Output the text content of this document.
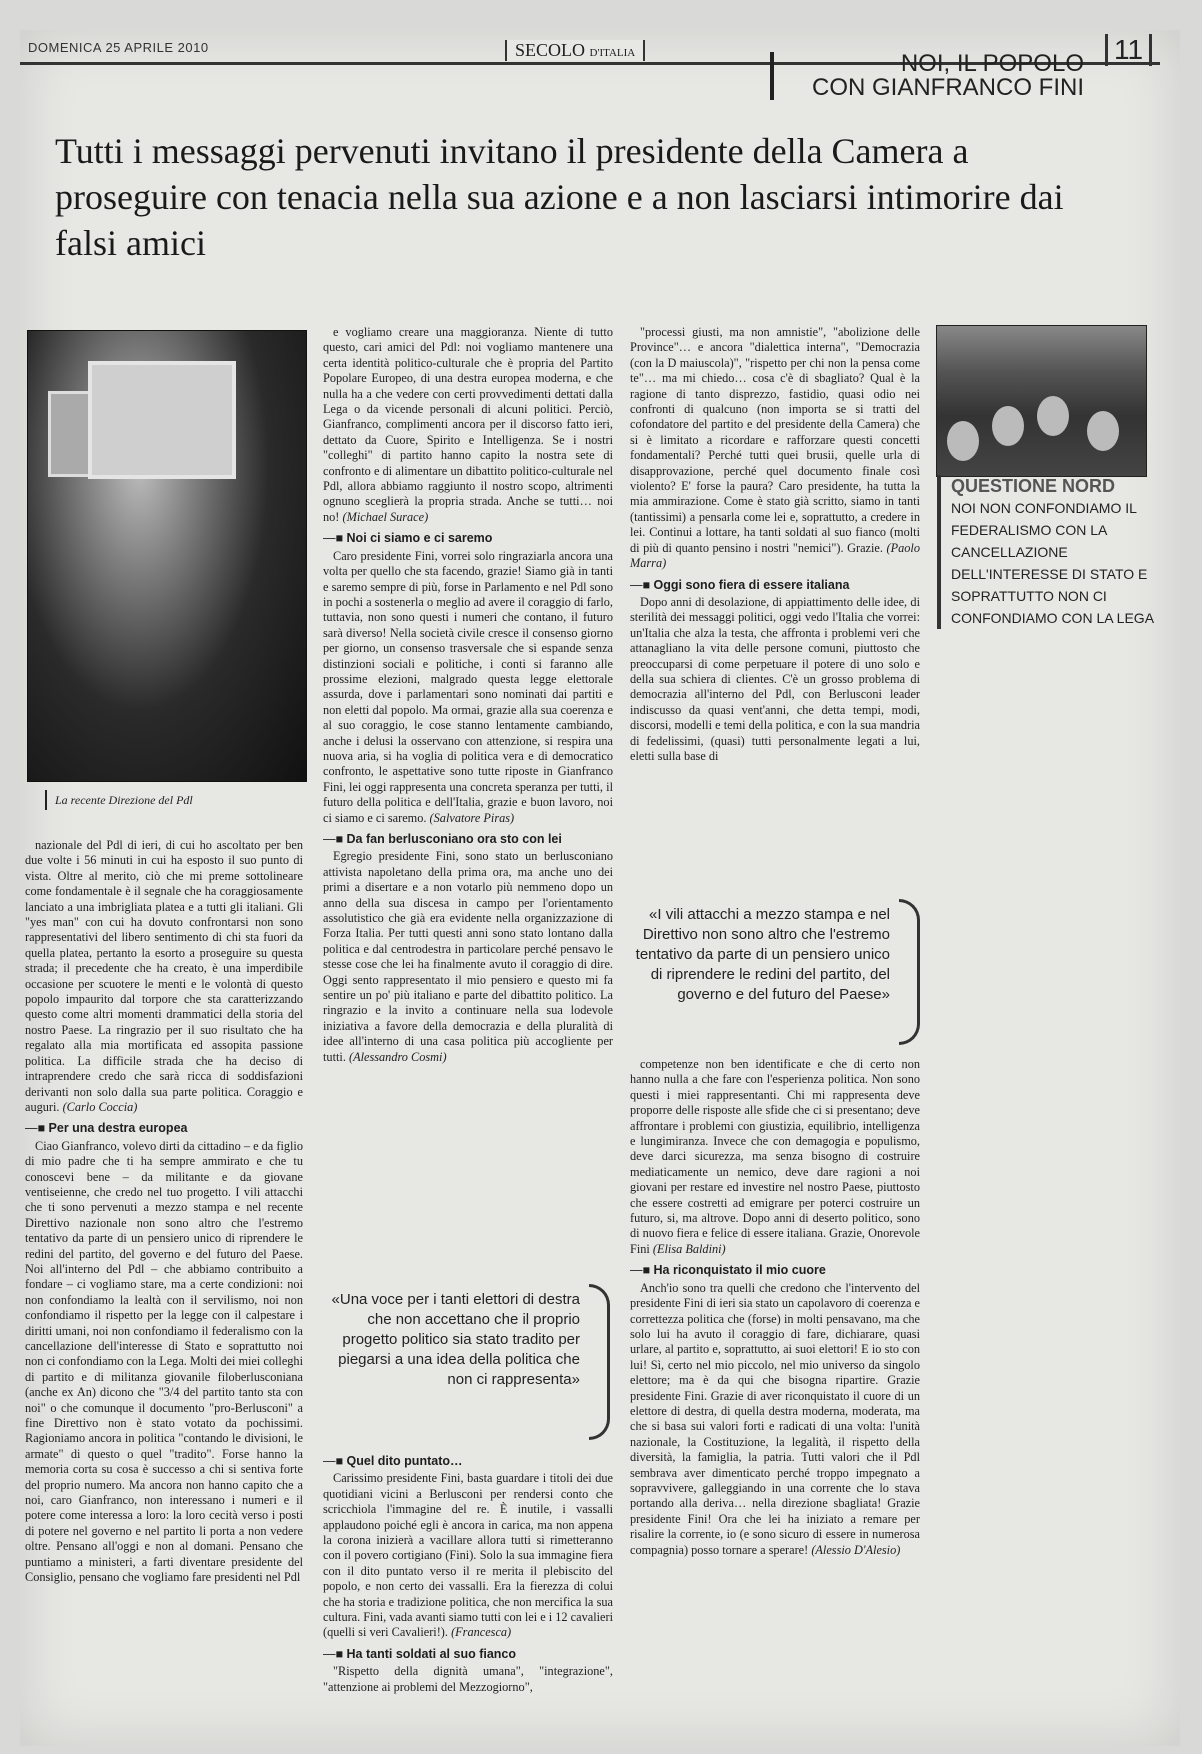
DOMENICA 25 APRILE 2010	SECOLO D'ITALIA	NOI, IL POPOLO
CON GIANFRANCO FINI
11
Tutti i messaggi pervenuti invitano il presidente della Camera a proseguire con tenacia nella sua azione e a non lasciarsi intimorire dai falsi amici
La recente Direzione del Pdl

nazionale del Pdl di ieri, di cui ho ascoltato per ben due volte i 56 minuti in cui ha esposto il suo punto di vista. Oltre al merito, ciò che mi preme sottolineare come fondamentale è il segnale che ha coraggiosamente lanciato a una imbrigliata platea e a tutti gli italiani. Gli "yes man" con cui ha dovuto confrontarsi non sono rappresentativi del libero sentimento di chi sta fuori da quella platea, pertanto la esorto a proseguire su questa strada; il precedente che ha creato, è una imperdibile occasione per scuotere le menti e le volontà di questo popolo impaurito dal torpore che sta caratterizzando questo come altri momenti drammatici della storia del nostro Paese. La ringrazio per il suo risultato che ha regalato alla mia mortificata ed assopita passione politica. La difficile strada che ha deciso di intraprendere credo che sarà ricca di soddisfazioni derivanti non solo dalla sua parte politica. Coraggio e auguri. (Carlo Coccia)

—■ Per una destra europea

Ciao Gianfranco, volevo dirti da cittadino – e da figlio di mio padre che ti ha sempre ammirato e che tu conoscevi bene – da militante e da giovane ventiseienne, che credo nel tuo progetto. I vili attacchi che ti sono pervenuti a mezzo stampa e nel recente Direttivo nazionale non sono altro che l'estremo tentativo da parte di un pensiero unico di riprendere le redini del partito, del governo e del futuro del Paese. Noi all'interno del Pdl – che abbiamo contribuito a fondare – ci vogliamo stare, ma a certe condizioni: noi non confondiamo la lealtà con il servilismo, noi non confondiamo il rispetto per la legge con il calpestare i diritti umani, noi non confondiamo il federalismo con la cancellazione dell'interesse di Stato e soprattutto noi non ci confondiamo con la Lega. Molti dei miei colleghi di partito e di militanza giovanile filoberlusconiana (anche ex An) dicono che "3/4 del partito tanto sta con noi" o che comunque il documento "pro-Berlusconi" a fine Direttivo non è stato votato da pochissimi. Ragioniamo ancora in politica "contando le divisioni, le armate" di questo o quel "tradito". Forse hanno la memoria corta su cosa è successo a chi si sentiva forte del proprio numero. Ma ancora non hanno capito che a noi, caro Gianfranco, non interessano i numeri e il potere come interessa a loro: la loro cecità verso i posti di potere nel governo e nel partito li porta a non vedere oltre. Pensano all'oggi e non al domani. Pensano che puntiamo a ministeri, a farti diventare presidente del Consiglio, pensano che vogliamo fare presidenti nel Pdl

e vogliamo creare una maggioranza. Niente di tutto questo, cari amici del Pdl: noi vogliamo mantenere una certa identità politico-culturale che è propria del Partito Popolare Europeo, di una destra europea moderna, e che nulla ha a che vedere con certi provvedimenti dettati dalla Lega o da vicende personali di alcuni politici. Perciò, Gianfranco, complimenti ancora per il discorso fatto ieri, dettato da Cuore, Spirito e Intelligenza. Se i nostri "colleghi" di partito hanno capito la nostra sete di confronto e di alimentare un dibattito politico-culturale nel Pdl, allora abbiamo raggiunto il nostro scopo, altrimenti ognuno sceglierà la propria strada. Anche se tutti… noi no! (Michael Surace)

—■ Noi ci siamo e ci saremo

Caro presidente Fini, vorrei solo ringraziarla ancora una volta per quello che sta facendo, grazie! Siamo già in tanti e saremo sempre di più, forse in Parlamento e nel Pdl sono in pochi a sostenerla o meglio ad avere il coraggio di farlo, tuttavia, non sono questi i numeri che contano, il futuro sarà diverso! Nella società civile cresce il consenso giorno per giorno, un consenso trasversale che si espande senza distinzioni sociali e politiche, i conti si faranno alle prossime elezioni, malgrado questa legge elettorale assurda, dove i parlamentari sono nominati dai partiti e non eletti dal popolo. Ma ormai, grazie alla sua coerenza e al suo coraggio, le cose stanno lentamente cambiando, anche i delusi la osservano con attenzione, si respira una nuova aria, si ha voglia di politica vera e di democratico confronto, le aspettative sono tutte riposte in Gianfranco Fini, lei oggi rappresenta una concreta speranza per tutti, il futuro della politica e dell'Italia, grazie e buon lavoro, noi ci siamo e ci saremo. (Salvatore Piras)

—■ Da fan berlusconiano ora sto con lei

Egregio presidente Fini, sono stato un berlusconiano attivista napoletano della prima ora, ma anche uno dei primi a disertare e a non votarlo più nemmeno dopo un anno della sua discesa in campo per l'orientamento assolutistico che già era evidente nella organizzazione di Forza Italia. Per tutti questi anni sono stato lontano dalla politica e dal centrodestra in particolare perché pensavo le stesse cose che lei ha finalmente avuto il coraggio di dire. Oggi sento rappresentato il mio pensiero e questo mi fa sentire un po' più italiano e parte del dibattito politico. La ringrazio e la invito a continuare nella sua lodevole iniziativa a favore della democrazia e della pluralità di idee all'interno di una casa politica più accogliente per tutti. (Alessandro Cosmi)

«Una voce per i tanti elettori di destra che non accettano che il proprio progetto politico sia stato tradito per piegarsi a una idea della politica che non ci rappresenta»
—■ Quel dito puntato…

Carissimo presidente Fini, basta guardare i titoli dei due quotidiani vicini a Berlusconi per rendersi conto che scricchiola l'immagine del re. È inutile, i vassalli applaudono poiché egli è ancora in carica, ma non appena la corona inizierà a vacillare allora tutti si rimetteranno con il povero cortigiano (Fini). Solo la sua immagine fiera con il dito puntato verso il re merita il plebiscito del popolo, e non certo dei vassalli. Era la fierezza di colui che ha storia e tradizione politica, che non mercifica la sua cultura. Fini, vada avanti siamo tutti con lei e i 12 cavalieri (quelli si veri Cavalieri!). (Francesca)

—■ Ha tanti soldati al suo fianco

"Rispetto della dignità umana", "integrazione", "attenzione ai problemi del Mezzogiorno",

"processi giusti, ma non amnistie", "abolizione delle Province"… e ancora "dialettica interna", "Democrazia (con la D maiuscola)", "rispetto per chi non la pensa come te"… ma mi chiedo… cosa c'è di sbagliato? Qual è la ragione di tanto disprezzo, fastidio, quasi odio nei confronti di qualcuno (non importa se si tratti del cofondatore del partito e del presidente della Camera) che si è limitato a ricordare e rafforzare questi concetti fondamentali? Perché tutti quei brusii, quelle urla di disapprovazione, perché quel documento finale così violento? E' forse la paura? Caro presidente, ha tutta la mia ammirazione. Come è stato già scritto, siamo in tanti (tantissimi) a pensarla come lei e, soprattutto, a credere in lei. Continui a lottare, ha tanti soldati al suo fianco (molti di più di quanto pensino i nostri "nemici"). Grazie. (Paolo Marra)

—■ Oggi sono fiera di essere italiana

Dopo anni di desolazione, di appiattimento delle idee, di sterilità dei messaggi politici, oggi vedo l'Italia che vorrei: un'Italia che alza la testa, che affronta i problemi veri che attanagliano la vita delle persone comuni, piuttosto che preoccuparsi di come perpetuare il potere di uno solo e della sua schiera di clientes. C'è un grosso problema di democrazia all'interno del Pdl, con Berlusconi leader indiscusso da quasi vent'anni, che detta tempi, modi, discorsi, modelli e temi della politica, e con la sua mandria di fedelissimi, (quasi) tutti personalmente legati a lui, eletti sulla base di

«I vili attacchi a mezzo stampa e nel Direttivo non sono altro che l'estremo tentativo da parte di un pensiero unico di riprendere le redini del partito, del governo e del futuro del Paese»

competenze non ben identificate e che di certo non hanno nulla a che fare con l'esperienza politica. Non sono questi i miei rappresentanti. Chi mi rappresenta deve proporre delle risposte alle sfide che ci si presentano; deve affrontare i problemi con giustizia, equilibrio, intelligenza e lungimiranza. Invece che con demagogia e populismo, deve darci sicurezza, ma senza bisogno di costruire mediaticamente un nemico, deve dare ragioni a noi giovani per restare ed investire nel nostro Paese, piuttosto che essere costretti ad emigrare per poterci costruire un futuro, si, ma altrove. Dopo anni di deserto politico, sono di nuovo fiera e felice di essere italiana. Grazie, Onorevole Fini (Elisa Baldini)

—■ Ha riconquistato il mio cuore

Anch'io sono tra quelli che credono che l'intervento del presidente Fini di ieri sia stato un capolavoro di coerenza e correttezza politica che (forse) in molti pensavano, ma che solo lui ha avuto il coraggio di fare, dichiarare, quasi urlare, al partito e, soprattutto, ai suoi elettori! E io sto con lui! Sì, certo nel mio piccolo, nel mio universo da singolo elettore; ma è da qui che bisogna ripartire. Grazie presidente Fini. Grazie di aver riconquistato il cuore di un elettore di destra, di quella destra moderna, moderata, ma che si basa sui valori forti e radicati di una volta: l'unità nazionale, la Costituzione, la legalità, il rispetto della diversità, la famiglia, la patria. Tutti valori che il Pdl sembrava aver dimenticato perché troppo impegnato a sopravvivere, galleggiando in una corrente che lo stava portando alla deriva… nella direzione sbagliata! Grazie presidente Fini! Ora che lei ha iniziato a remare per risalire la corrente, io (e sono sicuro di essere in numerosa compagnia) posso tornare a sperare! (Alessio D'Alesio)

QUESTIONE NORD
NOI NON CONFONDIAMO IL FEDERALISMO CON LA CANCELLAZIONE DELL'INTERESSE DI STATO E SOPRATTUTTO NON CI CONFONDIAMO CON LA LEGA
